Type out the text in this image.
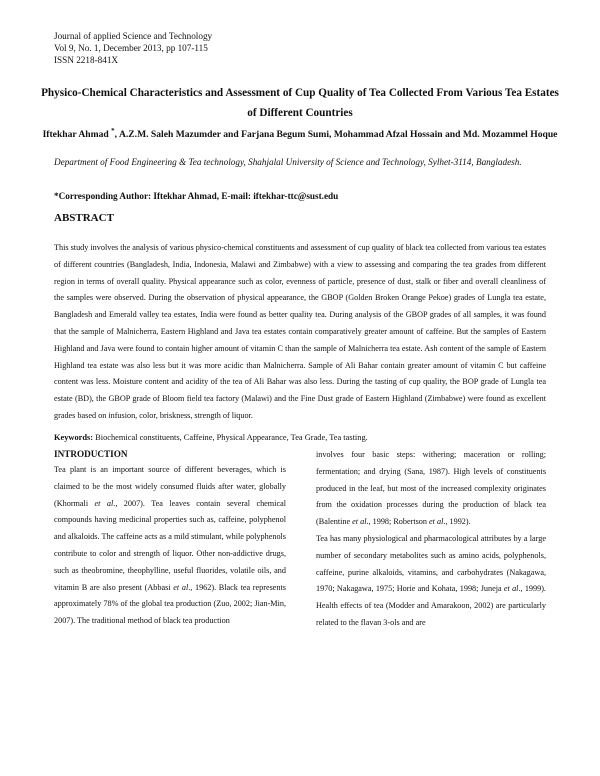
Journal of applied Science and Technology
Vol 9, No. 1, December 2013, pp 107-115
ISSN 2218-841X
Physico-Chemical Characteristics and Assessment of Cup Quality of Tea Collected From Various Tea Estates of Different Countries
Iftekhar Ahmad *, A.Z.M. Saleh Mazumder and Farjana Begum Sumi, Mohammad Afzal Hossain and Md. Mozammel Hoque
Department of Food Engineering & Tea technology, Shahjalal University of Science and Technology, Sylhet-3114, Bangladesh.
*Corresponding Author: Iftekhar Ahmad, E-mail: iftekhar-ttc@sust.edu
ABSTRACT

This study involves the analysis of various physico-chemical constituents and assessment of cup quality of black tea collected from various tea estates of different countries (Bangladesh, India, Indonesia, Malawi and Zimbabwe) with a view to assessing and comparing the tea grades from different region in terms of overall quality. Physical appearance such as color, evenness of particle, presence of dust, stalk or fiber and overall cleanliness of the samples were observed. During the observation of physical appearance, the GBOP (Golden Broken Orange Pekoe) grades of Lungla tea estate, Bangladesh and Emerald valley tea estates, India were found as better quality tea. During analysis of the GBOP grades of all samples, it was found that the sample of Malnicherra, Eastern Highland and Java tea estates contain comparatively greater amount of caffeine. But the samples of Eastern Highland and Java were found to contain higher amount of vitamin C than the sample of Malnicherra tea estate. Ash content of the sample of Eastern Highland tea estate was also less but it was more acidic than Malnicherra. Sample of Ali Bahar contain greater amount of vitamin C but caffeine content was less. Moisture content and acidity of the tea of Ali Bahar was also less. During the tasting of cup quality, the BOP grade of Lungla tea estate (BD), the GBOP grade of Bloom field tea factory (Malawi) and the Fine Dust grade of Eastern Highland (Zimbabwe) were found as excellent grades based on infusion, color, briskness, strength of liquor.

Keywords: Biochemical constituents, Caffeine, Physical Appearance, Tea Grade, Tea tasting.
INTRODUCTION

Tea plant is an important source of different beverages, which is claimed to be the most widely consumed fluids after water, globally (Khormali et al., 2007). Tea leaves contain several chemical compounds having medicinal properties such as, caffeine, polyphenol and alkaloids. The caffeine acts as a mild stimulant, while polyphenols contribute to color and strength of liquor. Other non-addictive drugs, such as theobromine, theophylline, useful fluorides, volatile oils, and vitamin B are also present (Abbasi et al., 1962). Black tea represents approximately 78% of the global tea production (Zuo, 2002; Jian-Min, 2007). The traditional method of black tea production

involves four basic steps: withering; maceration or rolling; fermentation; and drying (Sana, 1987). High levels of constituents produced in the leaf, but most of the increased complexity originates from the oxidation processes during the production of black tea (Balentine et al., 1998; Robertson et al., 1992).

Tea has many physiological and pharmacological attributes by a large number of secondary metabolites such as amino acids, polyphenols, caffeine, purine alkaloids, vitamins, and carbohydrates (Nakagawa, 1970; Nakagawa, 1975; Horie and Kohata, 1998; Juneja et al., 1999). Health effects of tea (Modder and Amarakoon, 2002) are particularly related to the flavan 3-ols and are
